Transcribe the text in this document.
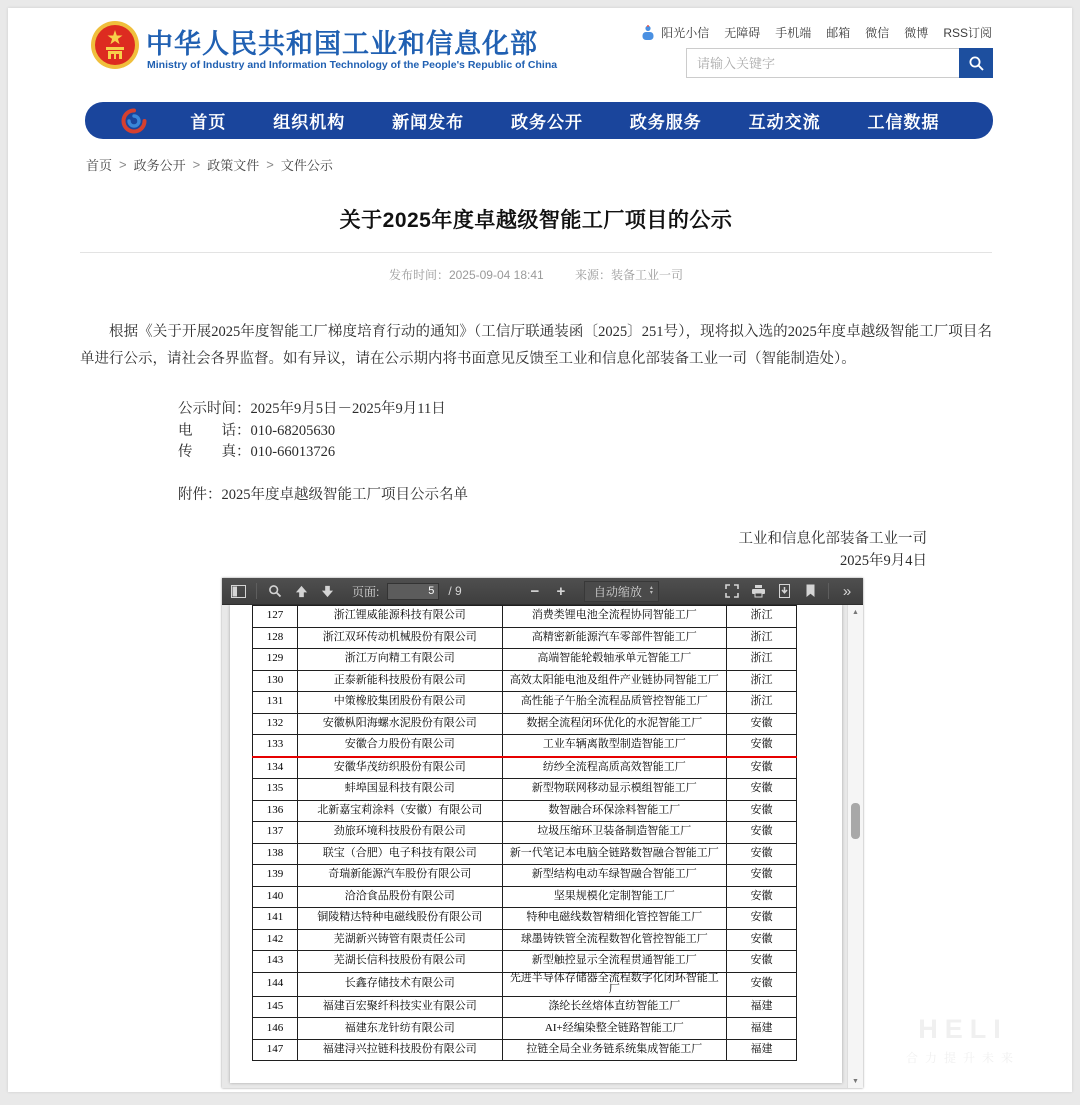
中华人民共和国工业和信息化部
Ministry of Industry and Information Technology of the People's Republic of China
阳光小信 无障碍 手机端 邮箱 微信 微博 RSS订阅
请输入关键字
首页	组织机构	新闻发布	政务公开	政务服务	互动交流	工信数据
首页 > 政务公开 > 政策文件 > 文件公示
关于2025年度卓越级智能工厂项目的公示
发布时间：2025-09-04 18:41	来源：装备工业一司

根据《关于开展2025年度智能工厂梯度培育行动的通知》（工信厅联通装函〔2025〕251号），现将拟入选的2025年度卓越级智能工厂项目名单进行公示，请社会各界监督。如有异议，请在公示期内将书面意见反馈至工业和信息化部装备工业一司（智能制造处）。

公示时间：2025年9月5日－2025年9月11日
电　　话：010-68205630
传　　真：010-66013726
附件：2025年度卓越级智能工厂项目公示名单
工业和信息化部装备工业一司
2025年9月4日
页面:
5	/ 9	−	+	自动缩放 ▴
▾	»
127	浙江锂威能源科技有限公司	消费类锂电池全流程协同智能工厂	浙江
128	浙江双环传动机械股份有限公司	高精密新能源汽车零部件智能工厂	浙江
129	浙江万向精工有限公司	高端智能轮毂轴承单元智能工厂	浙江
130	正泰新能科技股份有限公司	高效太阳能电池及组件产业链协同智能工厂	浙江
131	中策橡胶集团股份有限公司	高性能子午胎全流程品质管控智能工厂	浙江
132	安徽枞阳海螺水泥股份有限公司	数据全流程闭环优化的水泥智能工厂	安徽
133	安徽合力股份有限公司	工业车辆离散型制造智能工厂	安徽
134	安徽华茂纺织股份有限公司	纺纱全流程高质高效智能工厂	安徽
135	蚌埠国显科技有限公司	新型物联网移动显示模组智能工厂	安徽
136	北新嘉宝莉涂料（安徽）有限公司	数智融合环保涂料智能工厂	安徽
137	劲旅环境科技股份有限公司	垃圾压缩环卫装备制造智能工厂	安徽
138	联宝（合肥）电子科技有限公司	新一代笔记本电脑全链路数智融合智能工厂	安徽
139	奇瑞新能源汽车股份有限公司	新型结构电动车绿智融合智能工厂	安徽
140	洽洽食品股份有限公司	坚果规模化定制智能工厂	安徽
141	铜陵精达特种电磁线股份有限公司	特种电磁线数智精细化管控智能工厂	安徽
142	芜湖新兴铸管有限责任公司	球墨铸铁管全流程数智化管控智能工厂	安徽
143	芜湖长信科技股份有限公司	新型触控显示全流程贯通智能工厂	安徽
144	长鑫存储技术有限公司	先进半导体存储器全流程数字化闭环智能工厂	安徽
145	福建百宏聚纤科技实业有限公司	涤纶长丝熔体直纺智能工厂	福建
146	福建东龙针纺有限公司	AI+经编染整全链路智能工厂	福建
147	福建浔兴拉链科技股份有限公司	拉链全局全业务链系统集成智能工厂	福建
▲
▼
HELI
合力提升未来
